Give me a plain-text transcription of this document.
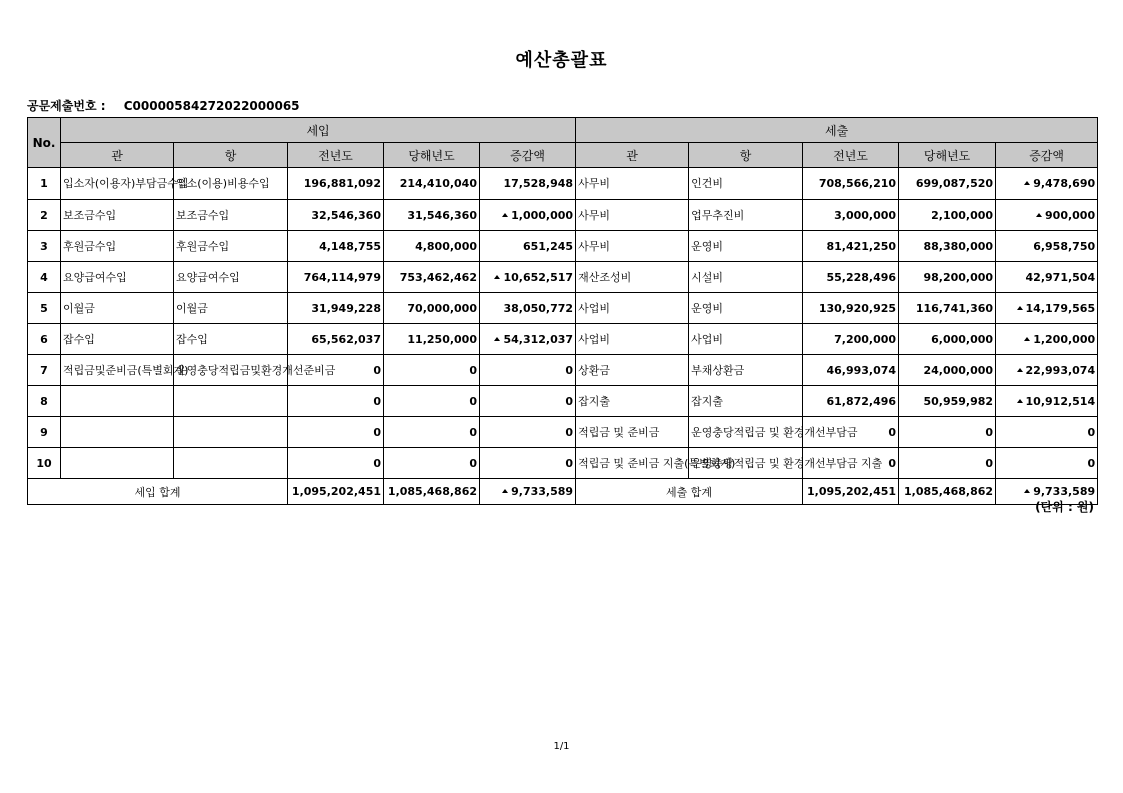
예산총괄표
공문제출번호 : C00000584272022000065
No.	세입					세출				
	관	항	전년도	당해년도	증감액	관	항	전년도	당해년도	증감액
1	입소자(이용자)부담금수입	입소(이용)비용수입	196,881,092	214,410,040	17,528,948	사무비	인건비	708,566,210	699,087,520	9,478,690
2	보조금수입	보조금수입	32,546,360	31,546,360	1,000,000	사무비	업무추진비	3,000,000	2,100,000	900,000
3	후원금수입	후원금수입	4,148,755	4,800,000	651,245	사무비	운영비	81,421,250	88,380,000	6,958,750
4	요양급여수입	요양급여수입	764,114,979	753,462,462	10,652,517	재산조성비	시설비	55,228,496	98,200,000	42,971,504
5	이월금	이월금	31,949,228	70,000,000	38,050,772	사업비	운영비	130,920,925	116,741,360	14,179,565
6	잡수입	잡수입	65,562,037	11,250,000	54,312,037	사업비	사업비	7,200,000	6,000,000	1,200,000
7	적립금및준비금(특별회계)	운영충당적립금및환경개선준비금	0	0	0	상환금	부채상환금	46,993,074	24,000,000	22,993,074
8			0	0	0	잡지출	잡지출	61,872,496	50,959,982	10,912,514
9			0	0	0	적립금 및 준비금	운영충당적립금 및 환경개선부담금	0	0	0
10			0	0	0	적립금 및 준비금 지출(특별회계)	운영충당적립금 및 환경개선부담금 지출	0	0	0
세입 합계			1,095,202,451	1,085,468,862	9,733,589	세출 합계		1,095,202,451	1,085,468,862	9,733,589
(단위 : 원)
1/1
